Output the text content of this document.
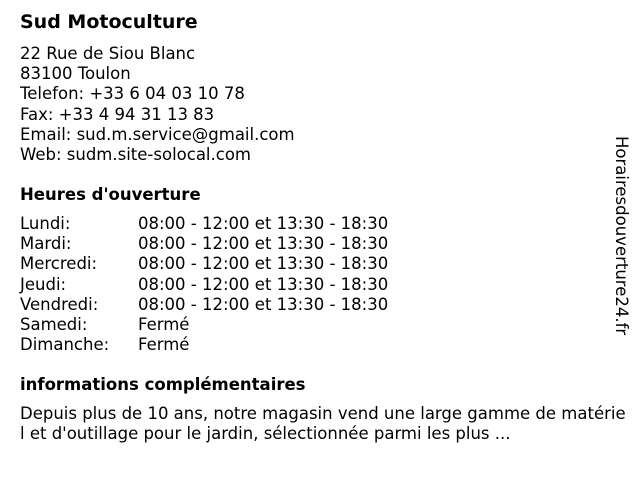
Sud Motoculture
22 Rue de Siou Blanc
83100 Toulon
Telefon: +33 6 04 03 10 78
Fax: +33 4 94 31 13 83
Email: sud.m.service@gmail.com
Web: sudm.site-solocal.com
Heures d'ouverture
Lundi:	08:00 - 12:00 et 13:30 - 18:30
Mardi:	08:00 - 12:00 et 13:30 - 18:30
Mercredi:	08:00 - 12:00 et 13:30 - 18:30
Jeudi:	08:00 - 12:00 et 13:30 - 18:30
Vendredi:	08:00 - 12:00 et 13:30 - 18:30
Samedi:	Fermé
Dimanche:	Fermé
informations complémentaires
Depuis plus de 10 ans, notre magasin vend une large gamme de matériel et d'outillage pour le jardin, sélectionnée parmi les plus ...
Horairesdouverture24.fr
